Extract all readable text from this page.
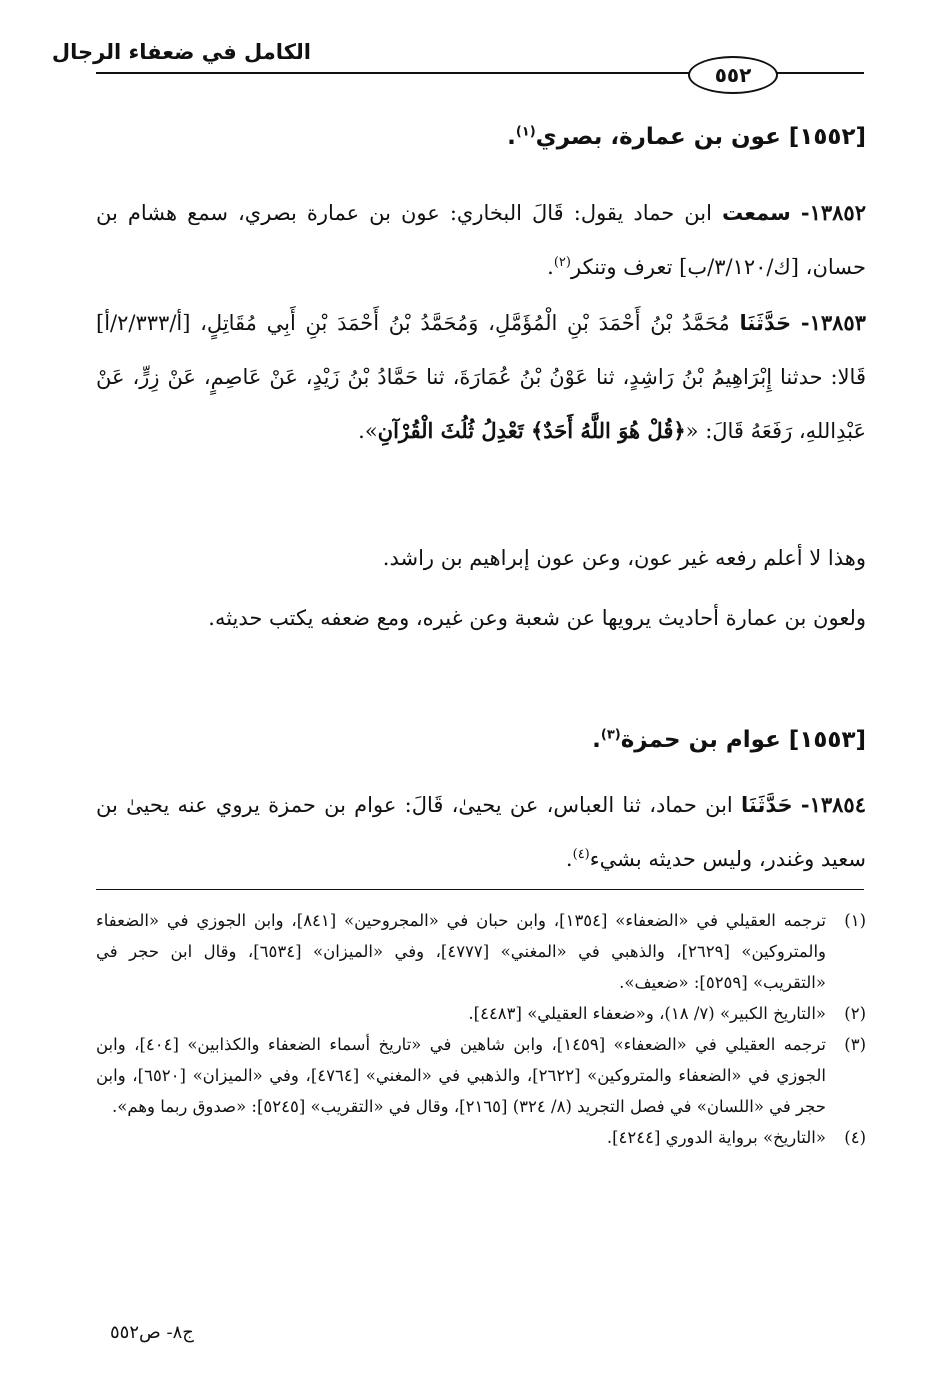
الكامل في ضعفاء الرجال
٥٥٢
[١٥٥٢] عون بن عمارة، بصري$^{(١)}$.
١٣٨٥٢- سمعت ابن حماد يقول: قَالَ البخاري: عون بن عمارة بصري، سمع هشام بن حسان، [ك/٣/١٢٠/ب] تعرف وتنكر$^{(٢)}$.
١٣٨٥٣- حَدَّثَنَا مُحَمَّدُ بْنُ أَحْمَدَ بْنِ الْمُؤَمَّلِ، وَمُحَمَّدُ بْنُ أَحْمَدَ بْنِ أَبِي مُقَاتِلٍ، [أ/٢/٣٣٣/أ] قَالا: حدثنا إِبْرَاهِيمُ بْنُ رَاشِدٍ، ثنا عَوْنُ بْنُ عُمَارَةَ، ثنا حَمَّادُ بْنُ زَيْدٍ، عَنْ عَاصِمٍ، عَنْ زِرٍّ، عَنْ عَبْدِاللهِ، رَفَعَهُ قَالَ: «﴿قُلْ هُوَ اللَّهُ أَحَدٌ﴾ تَعْدِلُ ثُلُثَ الْقُرْآنِ».
وهذا لا أعلم رفعه غير عون، وعن عون إبراهيم بن راشد.
ولعون بن عمارة أحاديث يرويها عن شعبة وعن غيره، ومع ضعفه يكتب حديثه.
[١٥٥٣] عوام بن حمزة$^{(٣)}$.
١٣٨٥٤- حَدَّثَنَا ابن حماد، ثنا العباس، عن يحيىٰ، قَالَ: عوام بن حمزة يروي عنه يحيىٰ بن سعيد وغندر، وليس حديثه بشيء$^{(٤)}$.
(١)
ترجمه العقيلي في «الضعفاء» [١٣٥٤]، وابن حبان في «المجروحين» [٨٤١]، وابن الجوزي في «الضعفاء والمتروكين» [٢٦٢٩]، والذهبي في «المغني» [٤٧٧٧]، وفي «الميزان» [٦٥٣٤]، وقال ابن حجر في «التقريب» [٥٢٥٩]: «ضعيف».
(٢)
«التاريخ الكبير» (٧/ ١٨)، و«ضعفاء العقيلي» [٤٤٨٣].
(٣)
ترجمه العقيلي في «الضعفاء» [١٤٥٩]، وابن شاهين في «تاريخ أسماء الضعفاء والكذابين» [٤٠٤]، وابن الجوزي في «الضعفاء والمتروكين» [٢٦٢٢]، والذهبي في «المغني» [٤٧٦٤]، وفي «الميزان» [٦٥٢٠]، وابن حجر في «اللسان» في فصل التجريد (٨/ ٣٢٤) [٢١٦٥]، وقال في «التقريب» [٥٢٤٥]: «صدوق ربما وهم».
(٤)
«التاريخ» برواية الدوري [٤٢٤٤].
ج٨- ص٥٥٢
